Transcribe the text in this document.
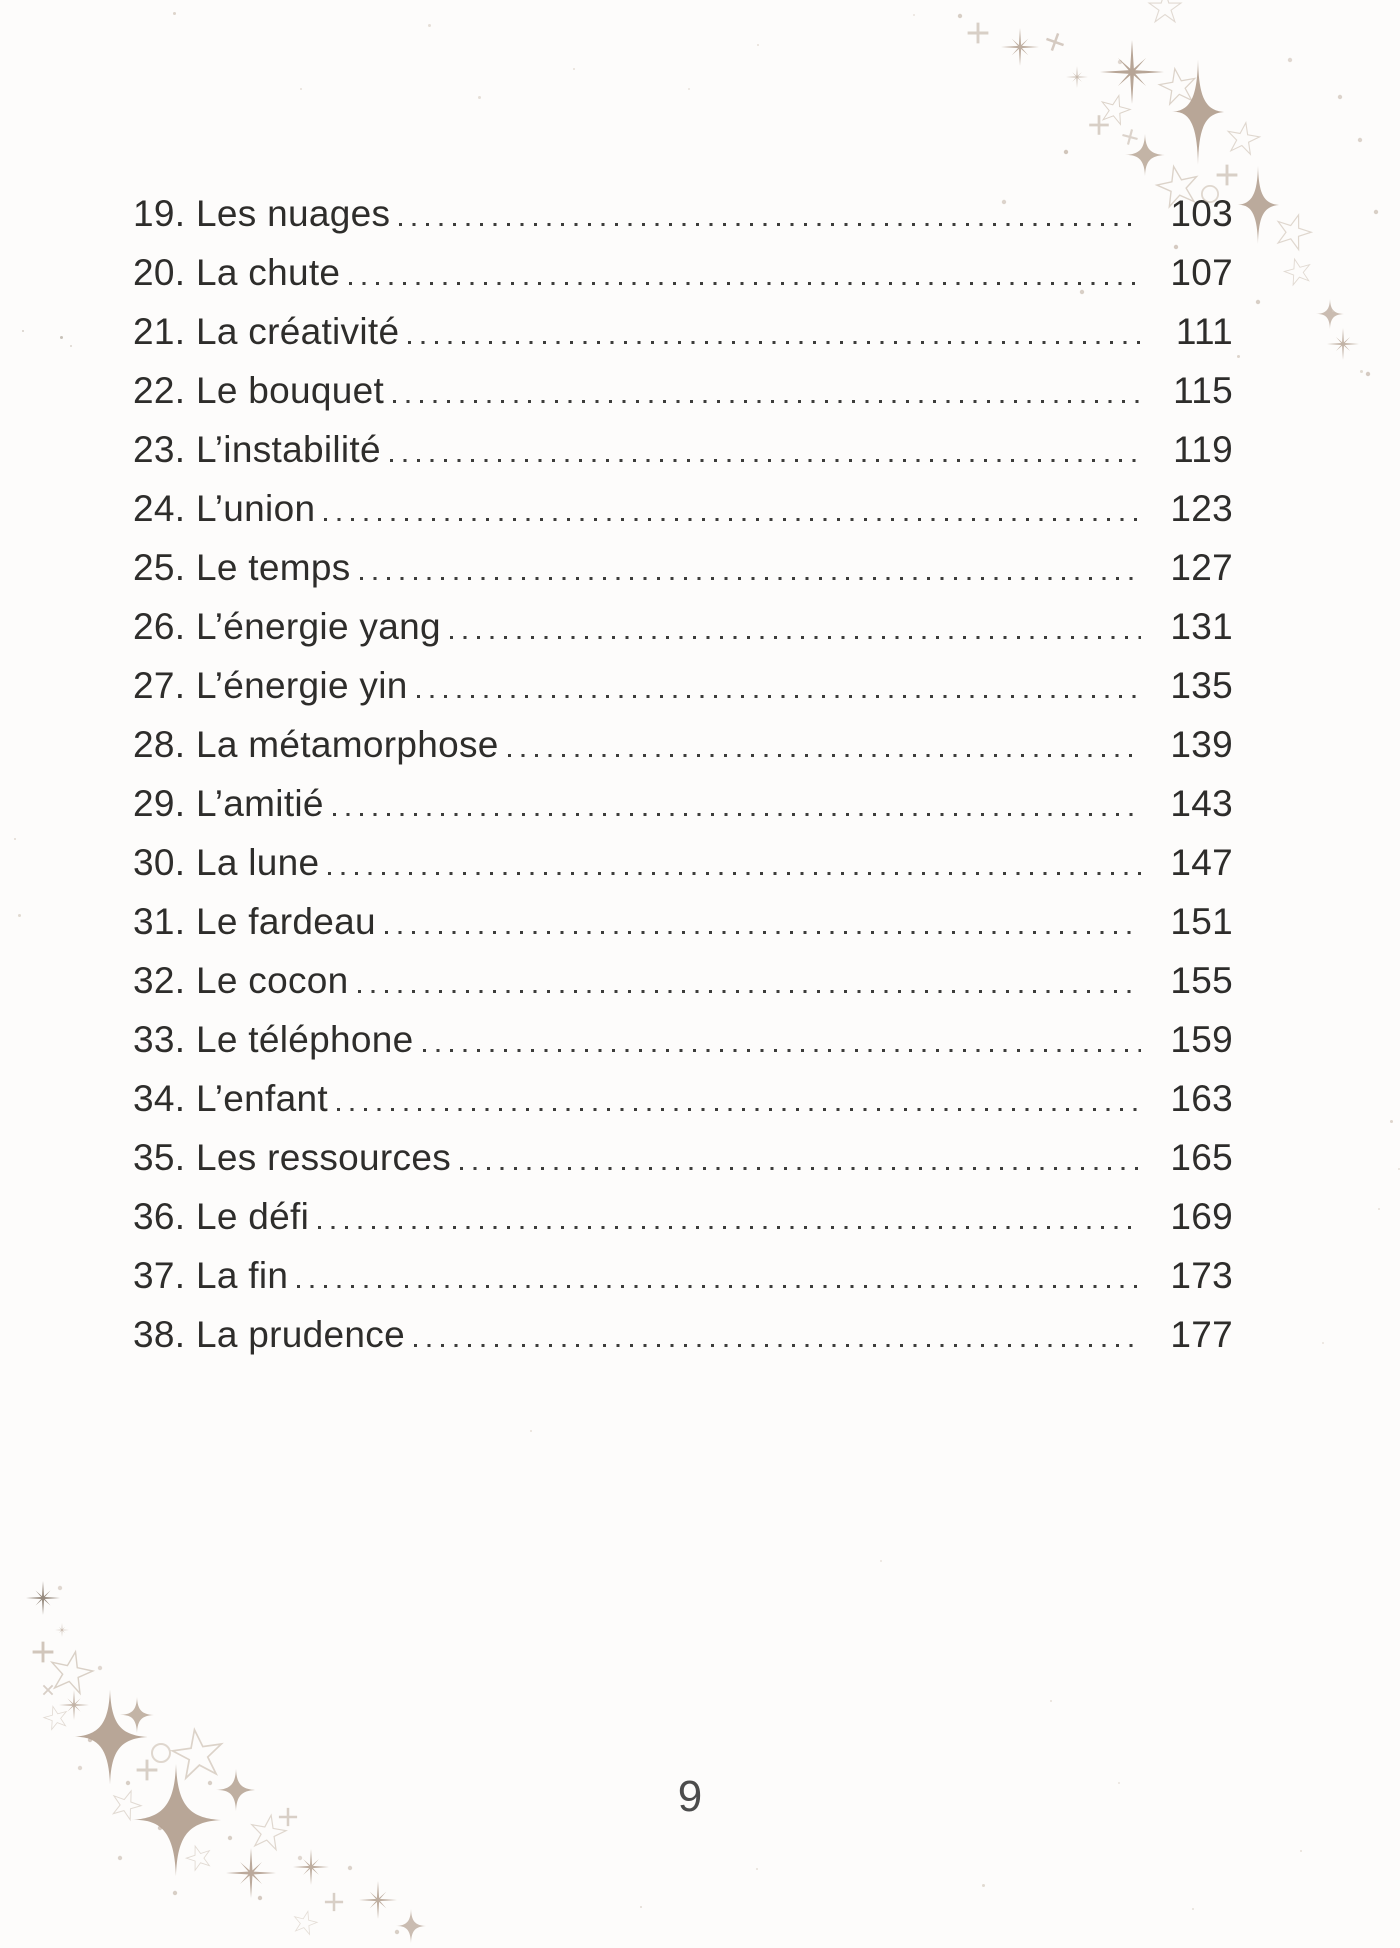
19. Les nuages	103
20. La chute	107
21. La créativité	111
22. Le bouquet	115
23. L’instabilité	119
24. L’union	123
25. Le temps	127
26. L’énergie yang	131
27. L’énergie yin	135
28. La métamorphose	139
29. L’amitié	143
30. La lune	147
31. Le fardeau	151
32. Le cocon	155
33. Le téléphone	159
34. L’enfant	163
35. Les ressources	165
36. Le défi	169
37. La fin	173
38. La prudence	177
9
